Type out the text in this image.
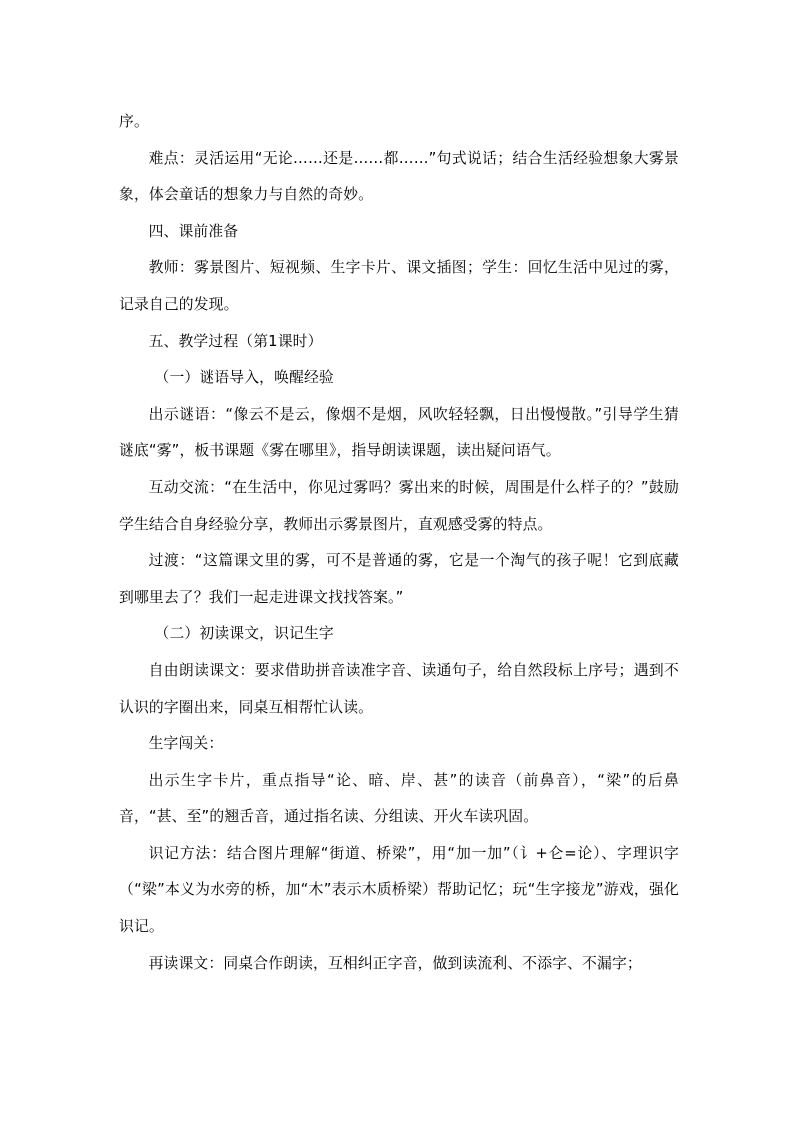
序。

难点：灵活运用“无论……还是……都……”句式说话；结合生活经验想象大雾景象，体会童话的想象力与自然的奇妙。

四、课前准备

教师：雾景图片、短视频、生字卡片、课文插图；学生：回忆生活中见过的雾，记录自己的发现。

五、教学过程（第1课时）

（一）谜语导入，唤醒经验

出示谜语：“像云不是云，像烟不是烟，风吹轻轻飘，日出慢慢散。”引导学生猜谜底“雾”，板书课题《雾在哪里》，指导朗读课题，读出疑问语气。

互动交流：“在生活中，你见过雾吗？雾出来的时候，周围是什么样子的？”鼓励学生结合自身经验分享，教师出示雾景图片，直观感受雾的特点。

过渡：“这篇课文里的雾，可不是普通的雾，它是一个淘气的孩子呢！它到底藏到哪里去了？我们一起走进课文找找答案。”

（二）初读课文，识记生字

自由朗读课文：要求借助拼音读准字音、读通句子，给自然段标上序号；遇到不认识的字圈出来，同桌互相帮忙认读。

生字闯关：

出示生字卡片，重点指导“论、暗、岸、甚”的读音（前鼻音），“梁”的后鼻音，“甚、至”的翘舌音，通过指名读、分组读、开火车读巩固。

识记方法：结合图片理解“街道、桥梁”，用“加一加”（讠+仑=论）、字理识字（“梁”本义为水旁的桥，加“木”表示木质桥梁）帮助记忆；玩“生字接龙”游戏，强化识记。

再读课文：同桌合作朗读，互相纠正字音，做到读流利、不添字、不漏字；
